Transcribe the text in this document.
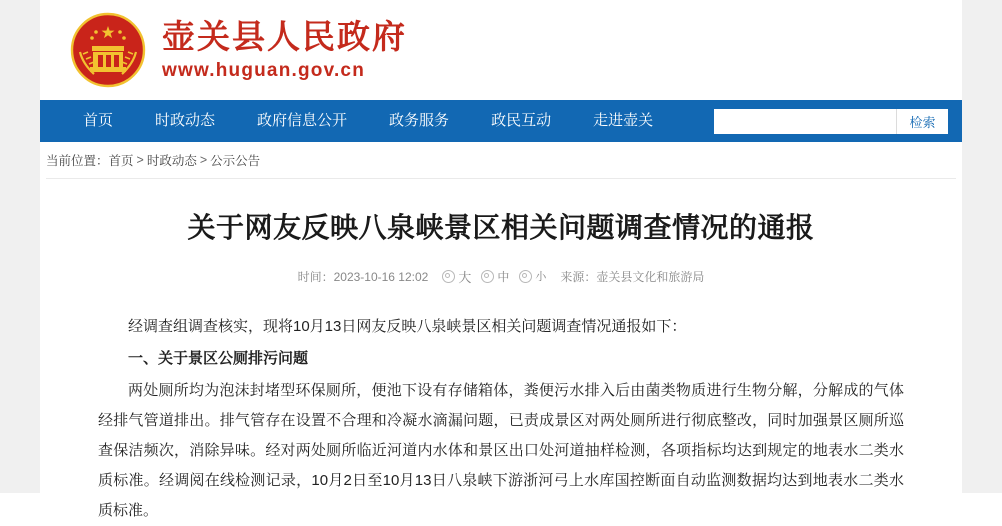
壶关县人民政府
www.huguan.gov.cn
首页	时政动态	政府信息公开	政务服务	政民互动	走进壶关	检索
当前位置： 首页 > 时政动态 > 公示公告
关于网友反映八泉峡景区相关问题调查情况的通报
时间：2023-10-16 12:02 大 中 小 来源：壶关县文化和旅游局

经调查组调查核实，现将10月13日网友反映八泉峡景区相关问题调查情况通报如下：

一、关于景区公厕排污问题

两处厕所均为泡沫封堵型环保厕所，便池下设有存储箱体，粪便污水排入后由菌类物质进行生物分解，分解成的气体经排气管道排出。排气管存在设置不合理和冷凝水滴漏问题，已责成景区对两处厕所进行彻底整改，同时加强景区厕所巡查保洁频次，消除异味。经对两处厕所临近河道内水体和景区出口处河道抽样检测，各项指标均达到规定的地表水二类水质标准。经调阅在线检测记录，10月2日至10月13日八泉峡下游浙河弓上水库国控断面自动监测数据均达到地表水二类水质标准。
